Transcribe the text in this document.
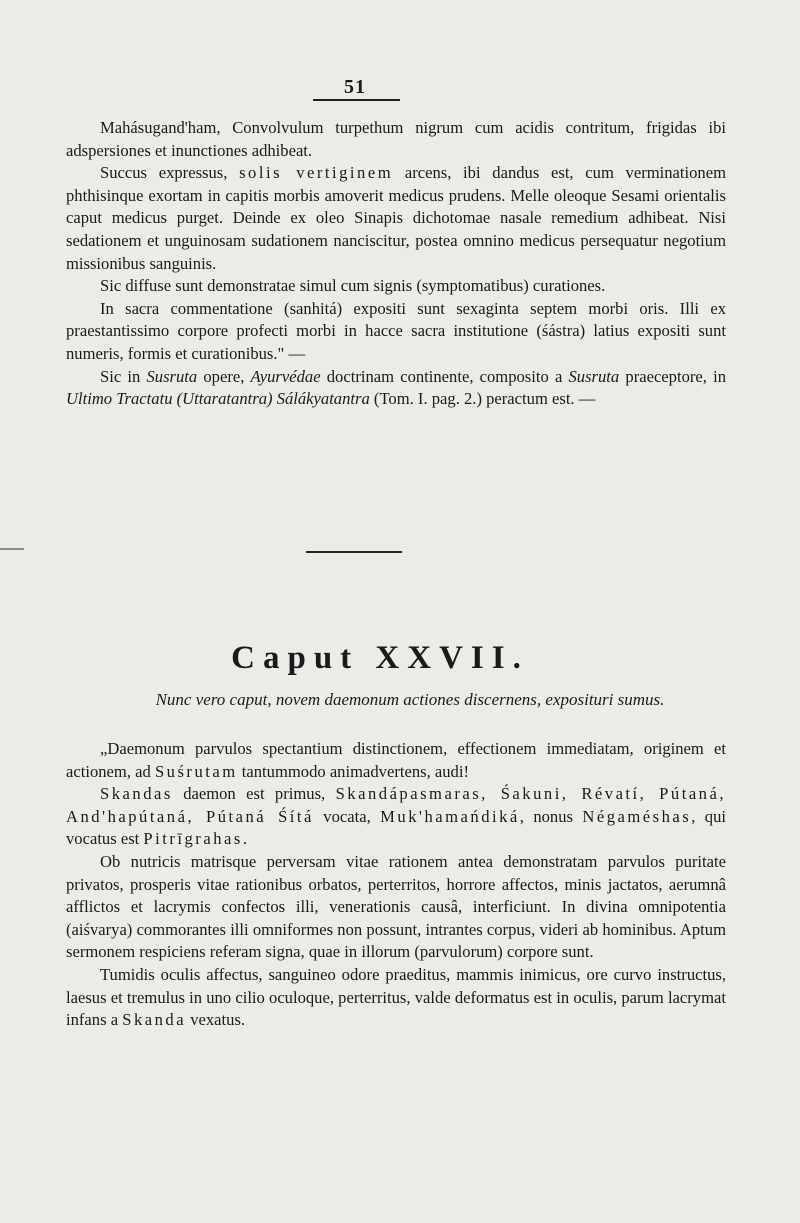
51

Mahásugand'ham, Convolvulum turpethum nigrum cum acidis contritum, frigidas ibi adspersiones et inunctiones adhibeat.

Succus expressus, solis vertiginem arcens, ibi dandus est, cum verminationem phthisinque exortam in capitis morbis amoverit medicus prudens. Melle oleoque Sesami orientalis caput medicus purget. Deinde ex oleo Sinapis dichotomae nasale remedium adhibeat. Nisi sedationem et unguinosam sudationem nanciscitur, postea omnino medicus persequatur negotium missionibus sanguinis.

Sic diffuse sunt demonstratae simul cum signis (symptomatibus) curationes.

In sacra commentatione (sanhitá) expositi sunt sexaginta septem morbi oris. Illi ex praestantissimo corpore profecti morbi in hacce sacra institutione (śástra) latius expositi sunt numeris, formis et curationibus." —

Sic in Susruta opere, Ayurvédae doctrinam continente, composito a Susruta praeceptore, in Ultimo Tractatu (Uttaratantra) Sálákyatantra (Tom. I. pag. 2.) peractum est. —

Caput XXVII.
Nunc vero caput, novem daemonum actiones discernens, exposituri sumus.

„Daemonum parvulos spectantium distinctionem, effectionem immediatam, originem et actionem, ad Suśrutam tantummodo animadvertens, audi!

Skandas daemon est primus, Skandápasmaras, Śakuni, Révatí, Pútaná, And'hapútaná, Pútaná Śítá vocata, Muk'hamańdiká, nonus Négaméshas, qui vocatus est Pitrīgrahas.

Ob nutricis matrisque perversam vitae rationem antea demonstratam parvulos puritate privatos, prosperis vitae rationibus orbatos, perterritos, horrore affectos, minis jactatos, aerumnâ afflictos et lacrymis confectos illi, venerationis causâ, interficiunt. In divina omnipotentia (aiśvarya) commorantes illi omniformes non possunt, intrantes corpus, videri ab hominibus. Aptum sermonem respiciens referam signa, quae in illorum (parvulorum) corpore sunt.

Tumidis oculis affectus, sanguineo odore praeditus, mammis inimicus, ore curvo instructus, laesus et tremulus in uno cilio oculoque, perterritus, valde deformatus est in oculis, parum lacrymat infans a Skanda vexatus.
